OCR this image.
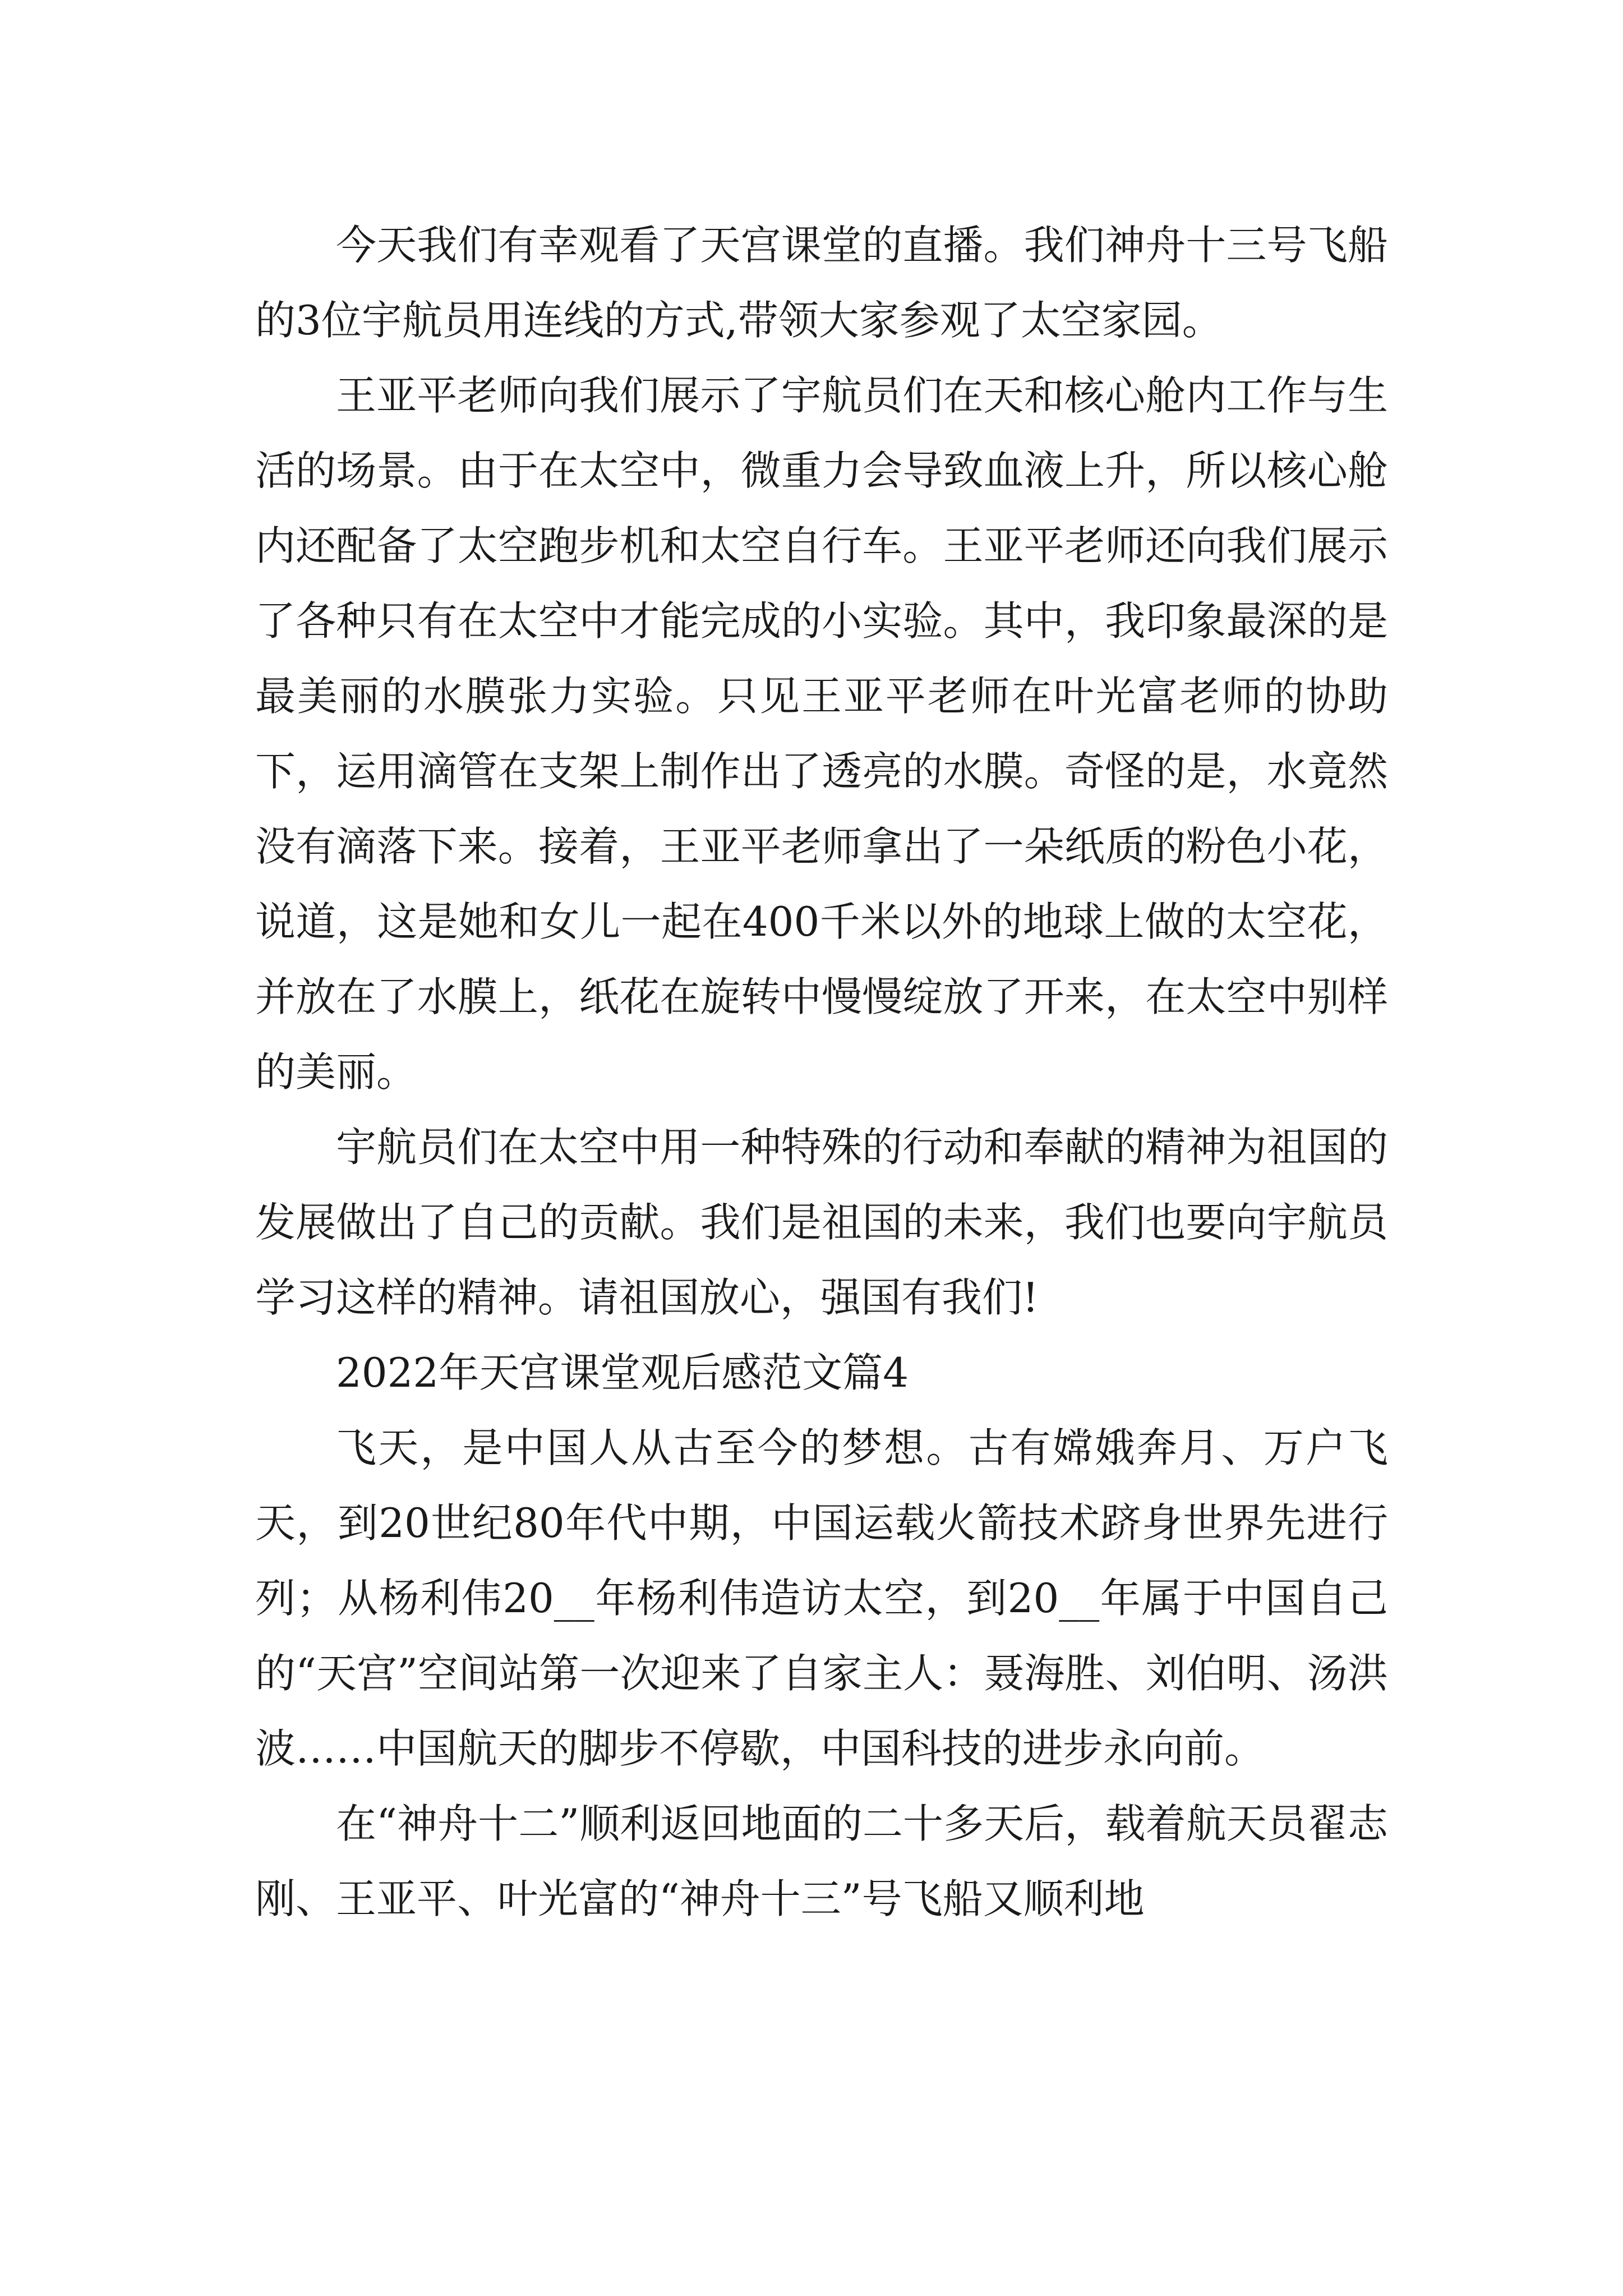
今天我们有幸观看了天宫课堂的直播。我们神舟十三号飞船的3位宇航员用连线的方式,带领大家参观了太空家园。

王亚平老师向我们展示了宇航员们在天和核心舱内工作与生活的场景。由于在太空中，微重力会导致血液上升，所以核心舱内还配备了太空跑步机和太空自行车。王亚平老师还向我们展示了各种只有在太空中才能完成的小实验。其中，我印象最深的是最美丽的水膜张力实验。只见王亚平老师在叶光富老师的协助下，运用滴管在支架上制作出了透亮的水膜。奇怪的是，水竟然没有滴落下来。接着，王亚平老师拿出了一朵纸质的粉色小花，说道，这是她和女儿一起在400千米以外的地球上做的太空花，并放在了水膜上，纸花在旋转中慢慢绽放了开来，在太空中别样的美丽。

宇航员们在太空中用一种特殊的行动和奉献的精神为祖国的发展做出了自己的贡献。我们是祖国的未来，我们也要向宇航员学习这样的精神。请祖国放心，强国有我们!

2022年天宫课堂观后感范文篇4

飞天，是中国人从古至今的梦想。古有嫦娥奔月、万户飞天，到20世纪80年代中期，中国运载火箭技术跻身世界先进行列；从杨利伟20__年杨利伟造访太空，到20__年属于中国自己的“天宫”空间站第一次迎来了自家主人：聂海胜、刘伯明、汤洪波……中国航天的脚步不停歇，中国科技的进步永向前。

在“神舟十二”顺利返回地面的二十多天后，载着航天员翟志刚、王亚平、叶光富的“神舟十三”号飞船又顺利地
